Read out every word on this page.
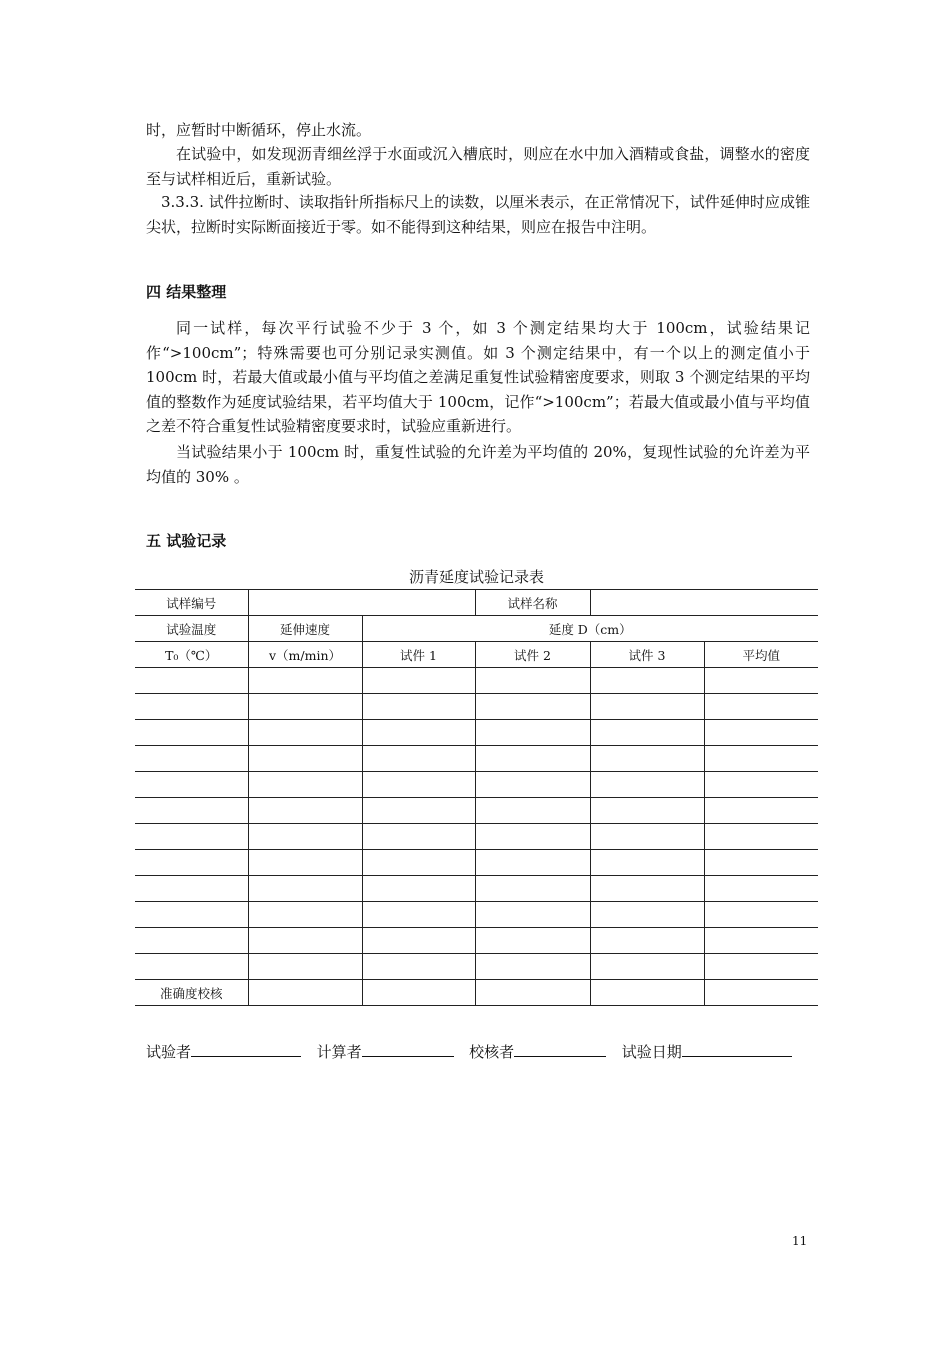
时，应暂时中断循环，停止水流。

在试验中，如发现沥青细丝浮于水面或沉入槽底时，则应在水中加入酒精或食盐，调整水的密度至与试样相近后，重新试验。

3.3.3. 试件拉断时、读取指针所指标尺上的读数，以厘米表示，在正常情况下，试件延伸时应成锥尖状，拉断时实际断面接近于零。如不能得到这种结果，则应在报告中注明。

四 结果整理

同一试样，每次平行试验不少于 3 个，如 3 个测定结果均大于 100cm，试验结果记作“>100cm”；特殊需要也可分别记录实测值。如 3 个测定结果中，有一个以上的测定值小于 100cm 时，若最大值或最小值与平均值之差满足重复性试验精密度要求，则取 3 个测定结果的平均值的整数作为延度试验结果，若平均值大于 100cm，记作“>100cm”；若最大值或最小值与平均值之差不符合重复性试验精密度要求时，试验应重新进行。

当试验结果小于 100cm 时，重复性试验的允许差为平均值的 20%，复现性试验的允许差为平均值的 30% 。

五 试验记录

沥青延度试验记录表

试样编号			试样名称		
试验温度	延伸速度	延度 D（cm）			
T₀（℃）	v（m/min）	试件 1	试件 2	试件 3	平均值

准确度校核					

试验者	计算者	校核者	试验日期

11
